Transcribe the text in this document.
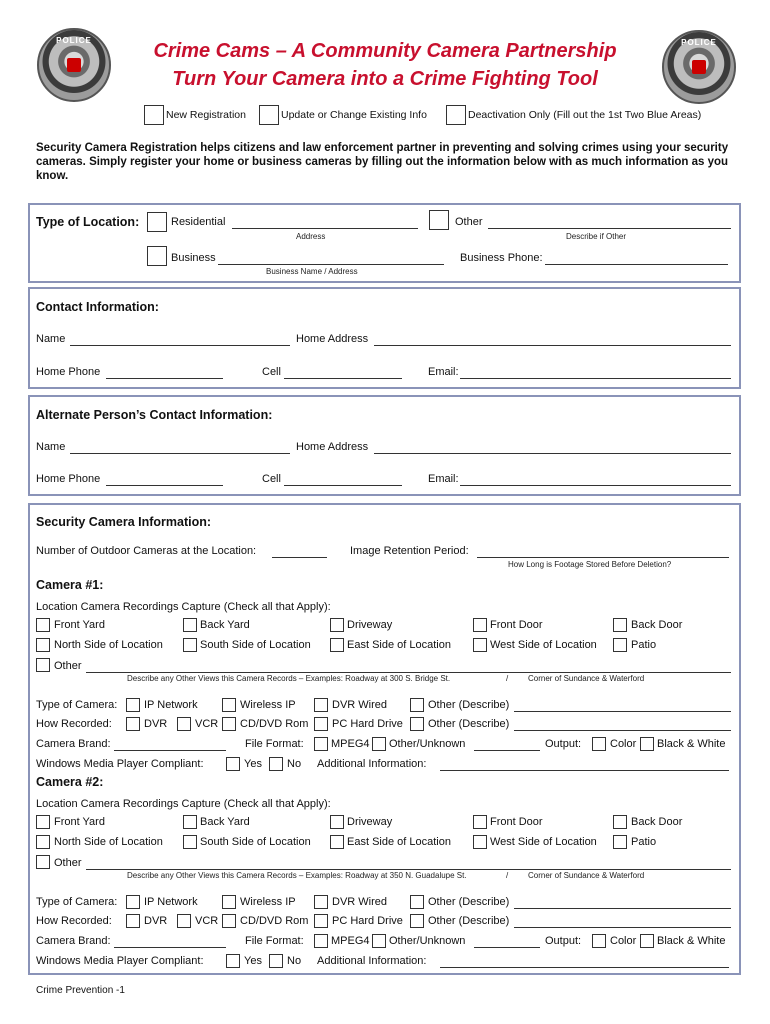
POLICE	POLICE
Crime Cams – A Community Camera Partnership
Turn Your Camera into a Crime Fighting Tool
New Registration	Update or Change Existing Info	Deactivation Only (Fill out the 1st Two Blue Areas)
Security Camera Registration helps citizens and law enforcement partner in preventing and solving crimes using your security cameras. Simply register your home or business cameras by filling out the information below with as much information as you know.
Type of Location:	Residential
Address
Other
Describe if Other
Business
Business Name / Address
Business Phone:
Contact Information:
Name	Home Address
Home Phone	Cell	Email:
Alternate Person’s Contact Information:
Name	Home Address
Home Phone	Cell	Email:
Security Camera Information:
Number of Outdoor Cameras at the Location:	Image Retention Period:
How Long is Footage Stored Before Deletion?
Camera #1:
Location Camera Recordings Capture (Check all that Apply):
Front Yard	Back Yard	Driveway	Front Door	Back Door
North Side of Location	South Side of Location	East Side of Location	West Side of Location	Patio
Other
Describe any Other Views this Camera Records – Examples: Roadway at 300 S. Bridge St.	/ Corner of Sundance & Waterford
Type of Camera: IP Network	Wireless IP	DVR Wired	Other (Describe)
How Recorded:	DVR	VCR CD/DVD Rom PC Hard Drive Other (Describe)
Camera Brand:	File Format: MPEG4 Other/Unknown	Output:	Color Black & White
Windows Media Player Compliant:	Yes No Additional Information:
Camera #2:
Location Camera Recordings Capture (Check all that Apply):
Front Yard	Back Yard	Driveway	Front Door	Back Door
North Side of Location	South Side of Location	East Side of Location	West Side of Location	Patio
Other
Describe any Other Views this Camera Records – Examples: Roadway at 350 N. Guadalupe St.	/ Corner of Sundance & Waterford
Type of Camera: IP Network	Wireless IP	DVR Wired	Other (Describe)
How Recorded:	DVR	VCR CD/DVD Rom PC Hard Drive Other (Describe)
Camera Brand:	File Format: MPEG4 Other/Unknown	Output:	Color Black & White
Windows Media Player Compliant:	Yes No Additional Information:
Crime Prevention -1
